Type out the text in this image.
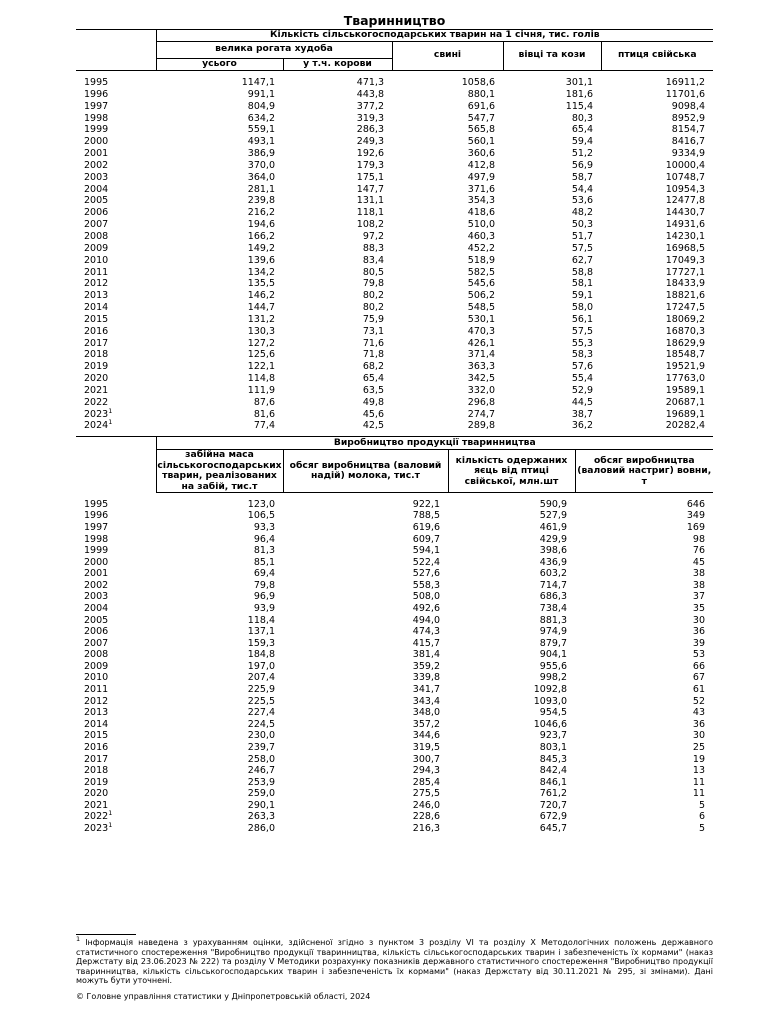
Тваринництво
	Кількість сільськогосподарських тварин на 1 січня, тис. голів				
	велика рогата худоба		свині	вівці та кози	птиця свійська
	усього	у т.ч. корови			

1995	1147,1	471,3	1058,6	301,1	16911,2
1996	991,1	443,8	880,1	181,6	11701,6
1997	804,9	377,2	691,6	115,4	9098,4
1998	634,2	319,3	547,7	80,3	8952,9
1999	559,1	286,3	565,8	65,4	8154,7
2000	493,1	249,3	560,1	59,4	8416,7
2001	386,9	192,6	360,6	51,2	9334,9
2002	370,0	179,3	412,8	56,9	10000,4
2003	364,0	175,1	497,9	58,7	10748,7
2004	281,1	147,7	371,6	54,4	10954,3
2005	239,8	131,1	354,3	53,6	12477,8
2006	216,2	118,1	418,6	48,2	14430,7
2007	194,6	108,2	510,0	50,3	14931,6
2008	166,2	97,2	460,3	51,7	14230,1
2009	149,2	88,3	452,2	57,5	16968,5
2010	139,6	83,4	518,9	62,7	17049,3
2011	134,2	80,5	582,5	58,8	17727,1
2012	135,5	79,8	545,6	58,1	18433,9
2013	146,2	80,2	506,2	59,1	18821,6
2014	144,7	80,2	548,5	58,0	17247,5
2015	131,2	75,9	530,1	56,1	18069,2
2016	130,3	73,1	470,3	57,5	16870,3
2017	127,2	71,6	426,1	55,3	18629,9
2018	125,6	71,8	371,4	58,3	18548,7
2019	122,1	68,2	363,3	57,6	19521,9
2020	114,8	65,4	342,5	55,4	17763,0
2021	111,9	63,5	332,0	52,9	19589,1
2022	87,6	49,8	296,8	44,5	20687,1
2023$^1$	81,6	45,6	274,7	38,7	19689,1
2024$^1$	77,4	42,5	289,8	36,2	20282,4
	Виробництво продукції тваринництва			
	забійна маса сільськогосподарських тварин, реалізованих на забій, тис.т	обсяг виробництва (валовий надій) молока, тис.т	кількість одержаних яєць від птиці свійської, млн.шт	обсяг виробництва (валовий настриг) вовни, т

1995	123,0	922,1	590,9	646
1996	106,5	788,5	527,9	349
1997	93,3	619,6	461,9	169
1998	96,4	609,7	429,9	98
1999	81,3	594,1	398,6	76
2000	85,1	522,4	436,9	45
2001	69,4	527,6	603,2	38
2002	79,8	558,3	714,7	38
2003	96,9	508,0	686,3	37
2004	93,9	492,6	738,4	35
2005	118,4	494,0	881,3	30
2006	137,1	474,3	974,9	36
2007	159,3	415,7	879,7	39
2008	184,8	381,4	904,1	53
2009	197,0	359,2	955,6	66
2010	207,4	339,8	998,2	67
2011	225,9	341,7	1092,8	61
2012	225,5	343,4	1093,0	52
2013	227,4	348,0	954,5	43
2014	224,5	357,2	1046,6	36
2015	230,0	344,6	923,7	30
2016	239,7	319,5	803,1	25
2017	258,0	300,7	845,3	19
2018	246,7	294,3	842,4	13
2019	253,9	285,4	846,1	11
2020	259,0	275,5	761,2	11
2021	290,1	246,0	720,7	5
2022$^1$	263,3	228,6	672,9	6
2023$^1$	286,0	216,3	645,7	5
$^1$ Інформація наведена з урахуванням оцінки, здійсненої згідно з пунктом 3 розділу VI та розділу Х Методологічних положень державного статистичного спостереження "Виробництво продукції тваринництва, кількість сільськогосподарських тварин і забезпеченість їх кормами" (наказ Держстату від 23.06.2023 № 222) та розділу V Методики розрахунку показників державного статистичного спостереження "Виробництво продукції тваринництва, кількість сільськогосподарських тварин і забезпеченість їх кормами" (наказ Держстату від 30.11.2021 № 295, зі змінами). Дані можуть бути уточнені.
© Головне управління статистики у Дніпропетровській області, 2024
